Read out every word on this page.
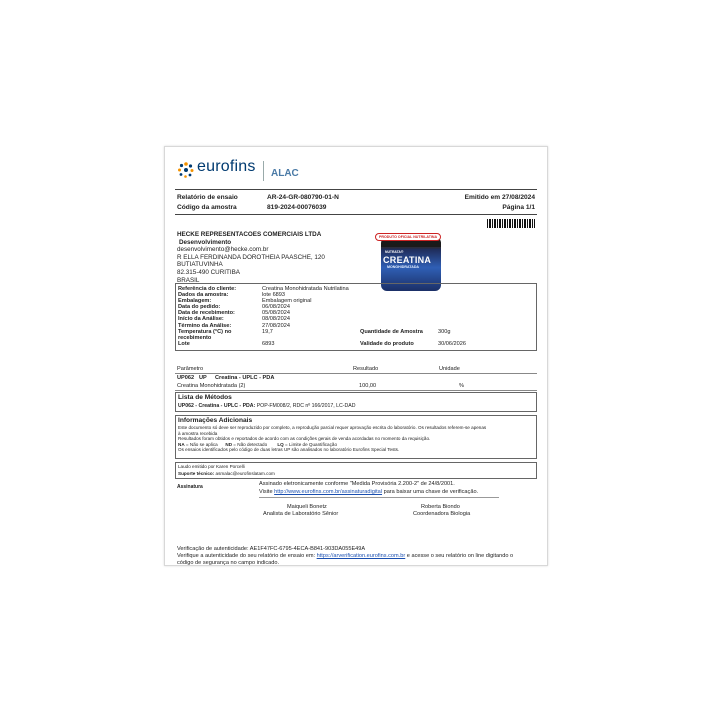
eurofins ALAC
Relatório de ensaio	AR-24-GR-080790-01-N	Emitido em 27/08/2024
Código da amostra	819-2024-00076039	Página 1/1
HECKE REPRESENTACOES COMERCIAIS LTDA
Desenvolvimento
desenvolvimento@hecke.com.br
R ELLA FERDINANDA DOROTHEIA PAASCHE, 120
BUTIATUVINHA
82.315-490 CURITIBA
BRASIL
PRODUTO OFICIAL NUTRILATINA
NUTRATA®
CREATINA
MONOHIDRATADA
Referência do cliente:	Creatina Monohidratada Nutrilatina
Dados da amostra:	lote 6893
Embalagem:	Embalagem original
Data do pedido:	06/08/2024
Data de recebimento:	05/08/2024
Início da Análise:	08/08/2024
Término da Análise:	27/08/2024
Temperatura (°C) no	19,7	Quantidade de Amostra	300g
recebimento
Lote	6893	Validade do produto	30/06/2026
Parâmetro	Resultado	Unidade
UP062 UP Creatina - UPLC - PDA
Creatina Monohidratada (2)	100,00	%
Lista de Métodos
UP062 - Creatina - UPLC - PDA: POP-FM008/2, RDC nº 166/2017, LC-DAD
Informações Adicionais
Este documento só deve ser reproduzido por completo, a reprodução parcial requer aprovação escrita do laboratório. Os resultados referem-se apenas
à amostra recebida
Resultados foram obtidos e reportados de acordo com as condições gerais de venda acordadas no momento da requisição.
NA = Não se aplica ND = Não detectado LQ = Limite de Quantificação
Os ensaios identificados pelo código de duas letras UP são analisados no laboratório Eurofins Special Tests.
Laudo emitido por Karen Porcelli
Suporte técnico: asmalac@eurofinslatam.com
Assinatura	Assinado eletronicamente conforme "Medida Provisória 2.200-2" de 24/8/2001.
Visite http://www.eurofins.com.br/assinaturadigital para baixar uma chave de verificação.
Maiqueli Bonetz
Analista de Laboratório Sênior
Roberta Biondo
Coordenadora Biologia
Verificação de autenticidade: AE1F47FC-6795-4ECA-B841-903DA055E49A
Verifique a autenticidade do seu relatório de ensaio em: https://arverification.eurofins.com.br e acesse o seu relatório on line digitando o
código de segurança no campo indicado.
